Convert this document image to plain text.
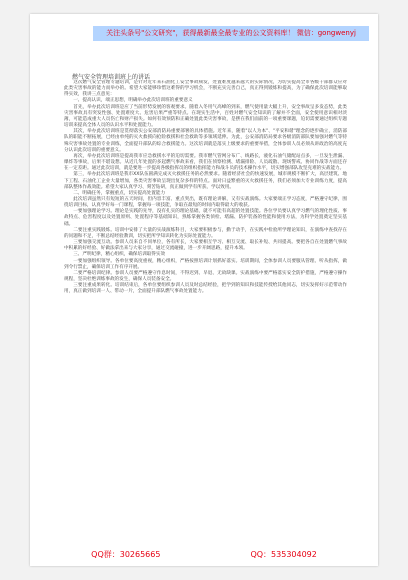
关注头条号"公文研究"，获得最新最全最专业的公文资料库！ 微信：gongwenyj
燃气安全管理培训班上的讲话

这次燃气安全管理专题培训，是针对近年来石油化工安全事故频发，处置难度越来越大的实际情况，为切实提高全市各级干部群众应对此类灾害事故的能力而举办的。希望大家能够珍惜这难得的学习机会，不断充实完善自己，真正得到锻炼和提高，为了确保此次培训能够取得实效，我讲三点意见：

一、提高认识，端正思想，明确举办此次培训班的重要意义

首先，举办此次培训班是应了当前形势发展的客观要求。随着入冬用气高峰的到来，燃气使用量大幅上升，安全事故呈多发态势，此类灾害事故具有突发性强、处置难度大、危害后果严重等特点。在现实生活中，百姓对燃气安全知识的了解并不全面，安全使用意识相对淡薄，可能造成重大人员伤亡和财产损失。如何有效预防和正确处置此类灾害事故，是摆在我们面前的一项重要课题，迫切需要通过组织专题培训来提高全体人员的认识水平和处置能力。

其次，举办此次培训班是贯彻落实公安部消防局重要部署的具体措施。近年来，随着"以人为本"、"平安和谐"理念的逐步确立，消防部队的职能不断拓展，已经由单纯的灭火救援向抢险救援和社会救助等多领域延伸。为此，公安部消防局要求各级消防部队要加强对燃气等特殊灾害事故处置的专业训练，全面提升部队的综合救援能力。这次培训就是落实上级要求的重要举措，全体参训人员必须从讲政治的高度充分认识此次培训的重要意义。

再次，举办此次培训班是提高我市应急救援水平的迫切需要。我市燃气管网分布广、线路长，液化石油气储配站点多，一旦发生泄漏、爆炸等事故，后果不堪设想。从近几年处置的多起燃气事故来看，我们在侦察检测、堵漏排险、人员疏散、现场警戒、协同作战等方面还存在一定差距。通过此次培训，就是要进一步提高各级指挥员的组织指挥能力和战斗员的技术操作水平，切实增强部队攻坚克难的实战能力。

第三，举办此次培训班是我市XX队伍圆满完成灭火救援任务的必然要求。随着经济社会的快速发展，城市规模不断扩大，高层建筑、地下工程、石油化工企业大量增加，各类灾害事故呈现出复杂多样的特点。面对日益繁重的灭火救援任务，我们必须加大专业训练力度，提高部队整体作战效能。希望大家认真学习、刻苦钻研，真正做到学有所获、学以致用。

二、明确任务，掌握重点，切实提高处置能力

此次培训虽然只有短短的五天时间，但内容丰富、重点突出，既有理论讲解，又有实战演练。大家要端正学习态度，严格遵守纪律，围绕培训目标，认真学好每一门课程，掌握每一项技能，争取在最短的时间内取得最大的收获。

一要加强理论学习。理论是实践的先导，没有扎实的理论基础，就不可能有高超的处置技能。各位学员要认真学习燃气的理化性质、事故特点、危害程度以及处置原则、处置程序等基础知识，熟练掌握各类侦检、堵漏、防护装备的性能和使用方法，为科学处置奠定坚实基础。

二要注重实践锻炼。培训中安排了大量的实战演练科目，大家要积极参与，勤于动手，在实践中检验所学理论知识，在演练中查找存在的问题和不足，不断总结经验教训，切实把所学知识转化为实际处置能力。

三要加强交流互动。参训人员来自不同单位，各有所长，大家要相互学习、相互交流、取长补短、共同提高。要把各自在处置燃气事故中积累的好经验、好做法拿出来与大家分享，通过交流碰撞，进一步开阔思路，提升本领。

三、严明纪律，精心组织，确保培训取得实效

一要加强组织领导。各单位要高度重视，精心组织，严格按照培训计划抓好落实。培训期间，全体参训人员要服从管理、听从指挥，做到令行禁止，确保培训工作有序开展。

二要严格培训纪律。参训人员要严格遵守作息时间，不得迟到、早退、无故缺课。实战演练中要严格落实安全防护措施，严格遵守操作规程，坚决杜绝训练事故的发生，确保人员装备安全。

三要注重成果转化。培训结束后，各单位要组织参训人员及时总结经验，把学到的知识和技能传授给其他同志，切实发挥好示范带动作用，真正做到培训一人、带动一片，全面提升部队燃气事故处置能力。

QQ群：30265665	QQ：535304092
